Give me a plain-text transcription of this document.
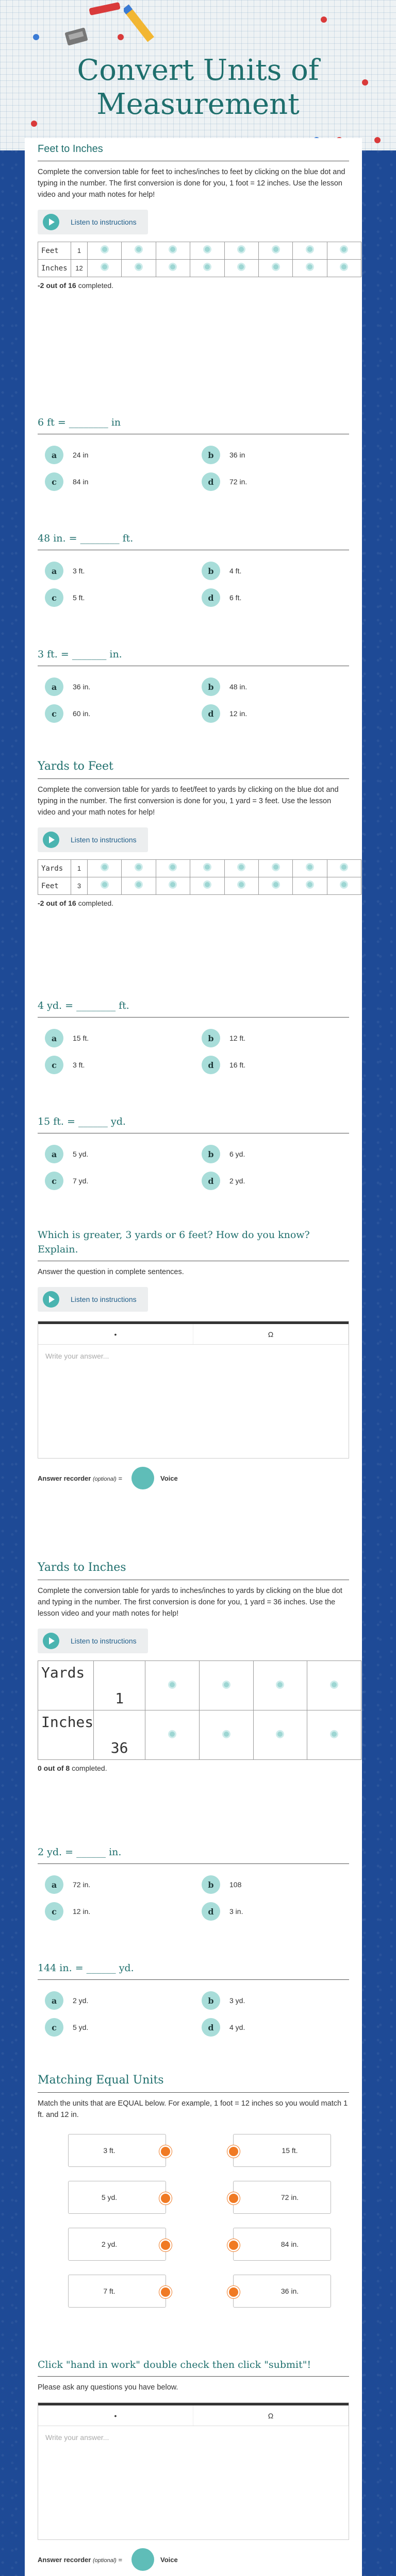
Convert Units of Measurement
Feet to Inches
Complete the conversion table for feet to inches/inches to feet by clicking on the blue dot and typing in the number. The first conversion is done for you, 1 foot = 12 inches. Use the lesson video and your math notes for help!
Listen to instructions
Feet	1								
Inches	12								
-2 out of 16 completed.
6 ft = ________ in
a	24 in	b	36 in
c	84 in	d	72 in.
48 in. = ________ ft.
a	3 ft.	b	4 ft.
c	5 ft.	d	6 ft.
3 ft. = _______ in.
a	36 in.	b	48 in.
c	60 in.	d	12 in.
Yards to Feet
Complete the conversion table for yards to feet/feet to yards by clicking on the blue dot and typing in the number. The first conversion is done for you, 1 yard = 3 feet. Use the lesson video and your math notes for help!
Listen to instructions
Yards	1								
Feet	3								
-2 out of 16 completed.
4 yd. = ________ ft.
a	15 ft.	b	12 ft.
c	3 ft.	d	16 ft.
15 ft. = ______ yd.
a	5 yd.	b	6 yd.
c	7 yd.	d	2 yd.
Which is greater, 3 yards or 6 feet? How do you know? Explain.
Answer the question in complete sentences.
Listen to instructions
•	Ω
Write your answer...
Answer recorder (optional) =	Voice
Yards to Inches
Complete the conversion table for yards to inches/inches to yards by clicking on the blue dot and typing in the number. The first conversion is done for you, 1 yard = 36 inches. Use the lesson video and your math notes for help!
Listen to instructions
Yards	1				
Inches	36				
0 out of 8 completed.
2 yd. = ______ in.
a	72 in.	b	108
c	12 in.	d	3 in.
144 in. = ______ yd.
a	2 yd.	b	3 yd.
c	5 yd.	d	4 yd.
Matching Equal Units
Match the units that are EQUAL below. For example, 1 foot = 12 inches so you would match 1 ft. and 12 in.
3 ft.	15 ft.
5 yd.	72 in.
2 yd.	84 in.
7 ft.	36 in.
Click "hand in work" double check then click "submit"!
Please ask any questions you have below.
•	Ω
Write your answer...
Answer recorder (optional) =	Voice
